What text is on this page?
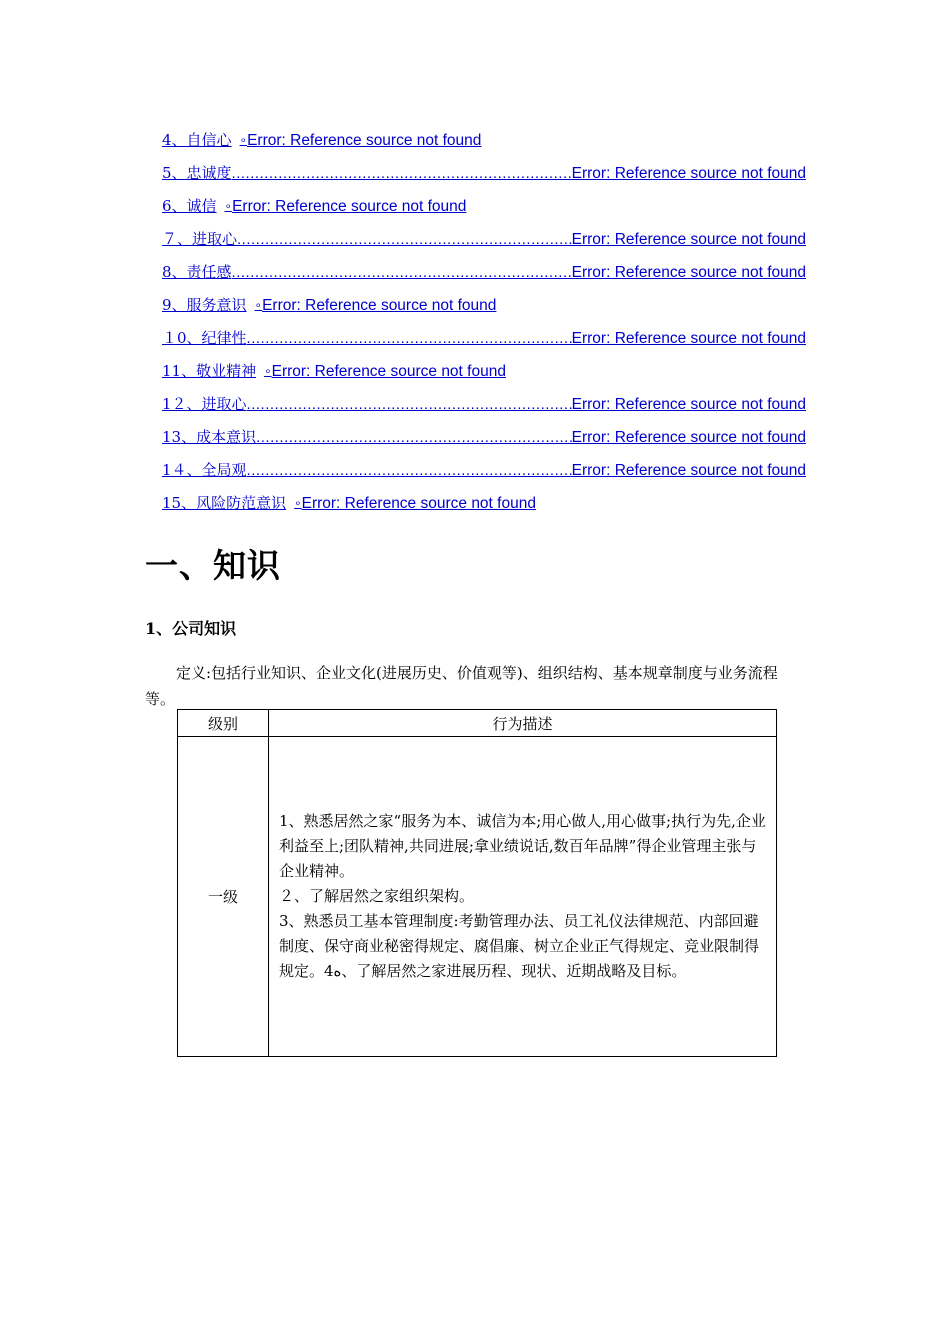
4、自信心 ∘ Error: Reference source not found
5、忠诚度 .....	Error: Reference source not found
6、诚信 ∘ Error: Reference source not found
７、进取心 .....	Error: Reference source not found
8、责任感 .....	Error: Reference source not found
9、服务意识 ∘ Error: Reference source not found
１0、纪律性 .....	Error: Reference source not found
11、敬业精神 ∘ Error: Reference source not found
1２、进取心 .....	Error: Reference source not found
13、成本意识 .....	Error: Reference source not found
1４、全局观 .....	Error: Reference source not found
15、风险防范意识 ∘ Error: Reference source not found
一、知识
1、公司知识
定义:包括行业知识、企业文化(进展历史、价值观等)、组织结构、基本规章制度与业务流程等。
级别	行为描述
一级	1、熟悉居然之家“服务为本、诚信为本;用心做人,用心做事;执行为先,企业利益至上;团队精神,共同进展;拿业绩说话,数百年品牌”得企业管理主张与企业精神。

２、了解居然之家组织架构。

3、熟悉员工基本管理制度:考勤管理办法、员工礼仪法律规范、内部回避制度、保守商业秘密得规定、腐倡廉、树立企业正气得规定、竞业限制得规定。4ه、了解居然之家进展历程、现状、近期战略及目标。
